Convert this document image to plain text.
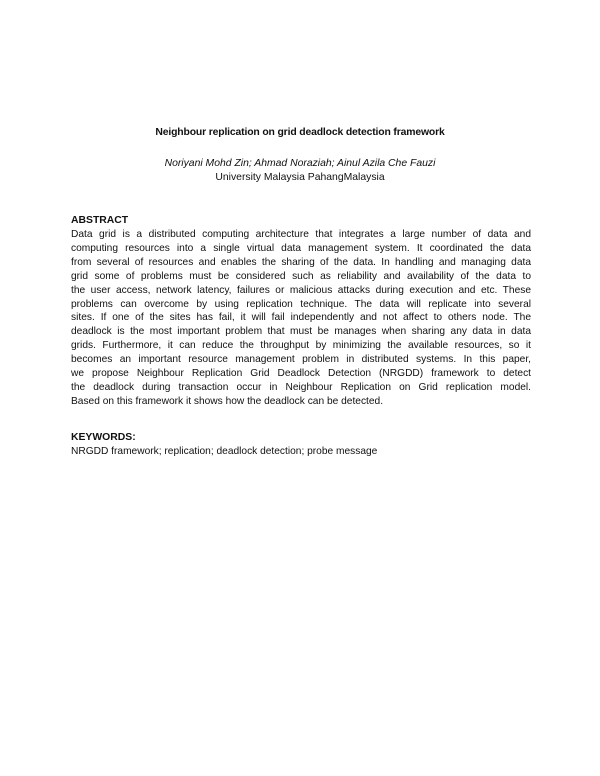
Neighbour replication on grid deadlock detection framework
Noriyani Mohd Zin; Ahmad Noraziah; Ainul Azila Che Fauzi
University Malaysia PahangMalaysia
ABSTRACT
Data grid is a distributed computing architecture that integrates a large number of data and
computing resources into a single virtual data management system. It coordinated the data
from several of resources and enables the sharing of the data. In handling and managing data
grid some of problems must be considered such as reliability and availability of the data to
the user access, network latency, failures or malicious attacks during execution and etc. These
problems can overcome by using replication technique. The data will replicate into several
sites. If one of the sites has fail, it will fail independently and not affect to others node. The
deadlock is the most important problem that must be manages when sharing any data in data
grids. Furthermore, it can reduce the throughput by minimizing the available resources, so it
becomes an important resource management problem in distributed systems. In this paper,
we propose Neighbour Replication Grid Deadlock Detection (NRGDD) framework to detect
the deadlock during transaction occur in Neighbour Replication on Grid replication model.
Based on this framework it shows how the deadlock can be detected.
KEYWORDS:
NRGDD framework; replication; deadlock detection; probe message
